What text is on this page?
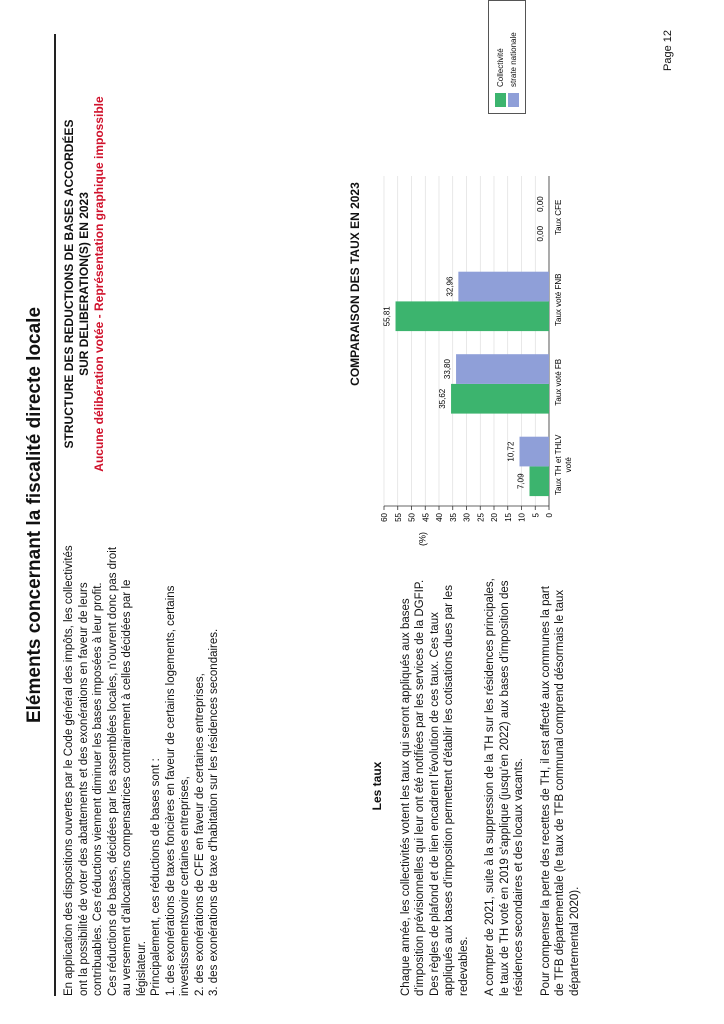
Eléments concernant la fiscalité directe locale

En application des dispositions ouvertes par le Code général des impôts, les collectivités ont la possibilité de voter des abattements et des exonérations en faveur de leurs contribuables. Ces réductions viennent diminuer les bases imposées à leur profit. Ces réductions de bases, décidées par les assemblées locales, n'ouvrent donc pas droit au versement d'allocations compensatrices contrairement à celles décidées par le législateur. Principalement, ces réductions de bases sont : 1. des exonérations de taxes foncières en faveur de certains logements, certains investissementsvoire certaines entreprises, 2. des exonérations de CFE en faveur de certaines entreprises, 3. des exonérations de taxe d'habitation sur les résidences secondaires.	Les taux Chaque année, les collectivités votent les taux qui seront appliqués aux bases d'imposition prévisionnelles qui leur ont été notifiées par les services de la DGFIP. Des règles de plafond et de lien encadrent l'évolution de ces taux. Ces taux appliqués aux bases d'imposition permettent d'établir les cotisations dues par les redevables. A compter de 2021, suite à la suppression de la TH sur les résidences principales, le taux de TH voté en 2019 s'applique (jusqu'en 2022) aux bases d'imposition des résidences secondaires et des locaux vacants. Pour compenser la perte des recettes de TH, il est affecté aux communes la part de TFB départementale (le taux de TFB communal comprend désormais le taux départemental 2020).

STRUCTURE DES REDUCTIONS DE BASES ACCORDÉES SUR DELIBERATION(S) EN 2023 Aucune délibération votée - Représentation graphique impossible	COMPARAISON DES TAUX EN 2023
(%)
0
5
10
15
20
25
30
35
40
45
50
55
60
7,09
10,72	Taux TH et THLV voté
35,62
33,80	Taux voté FB
55,81
32,96	Taux voté FNB
0,00
0,00 Taux CFE
Collectivité strate nationale	Page 12
